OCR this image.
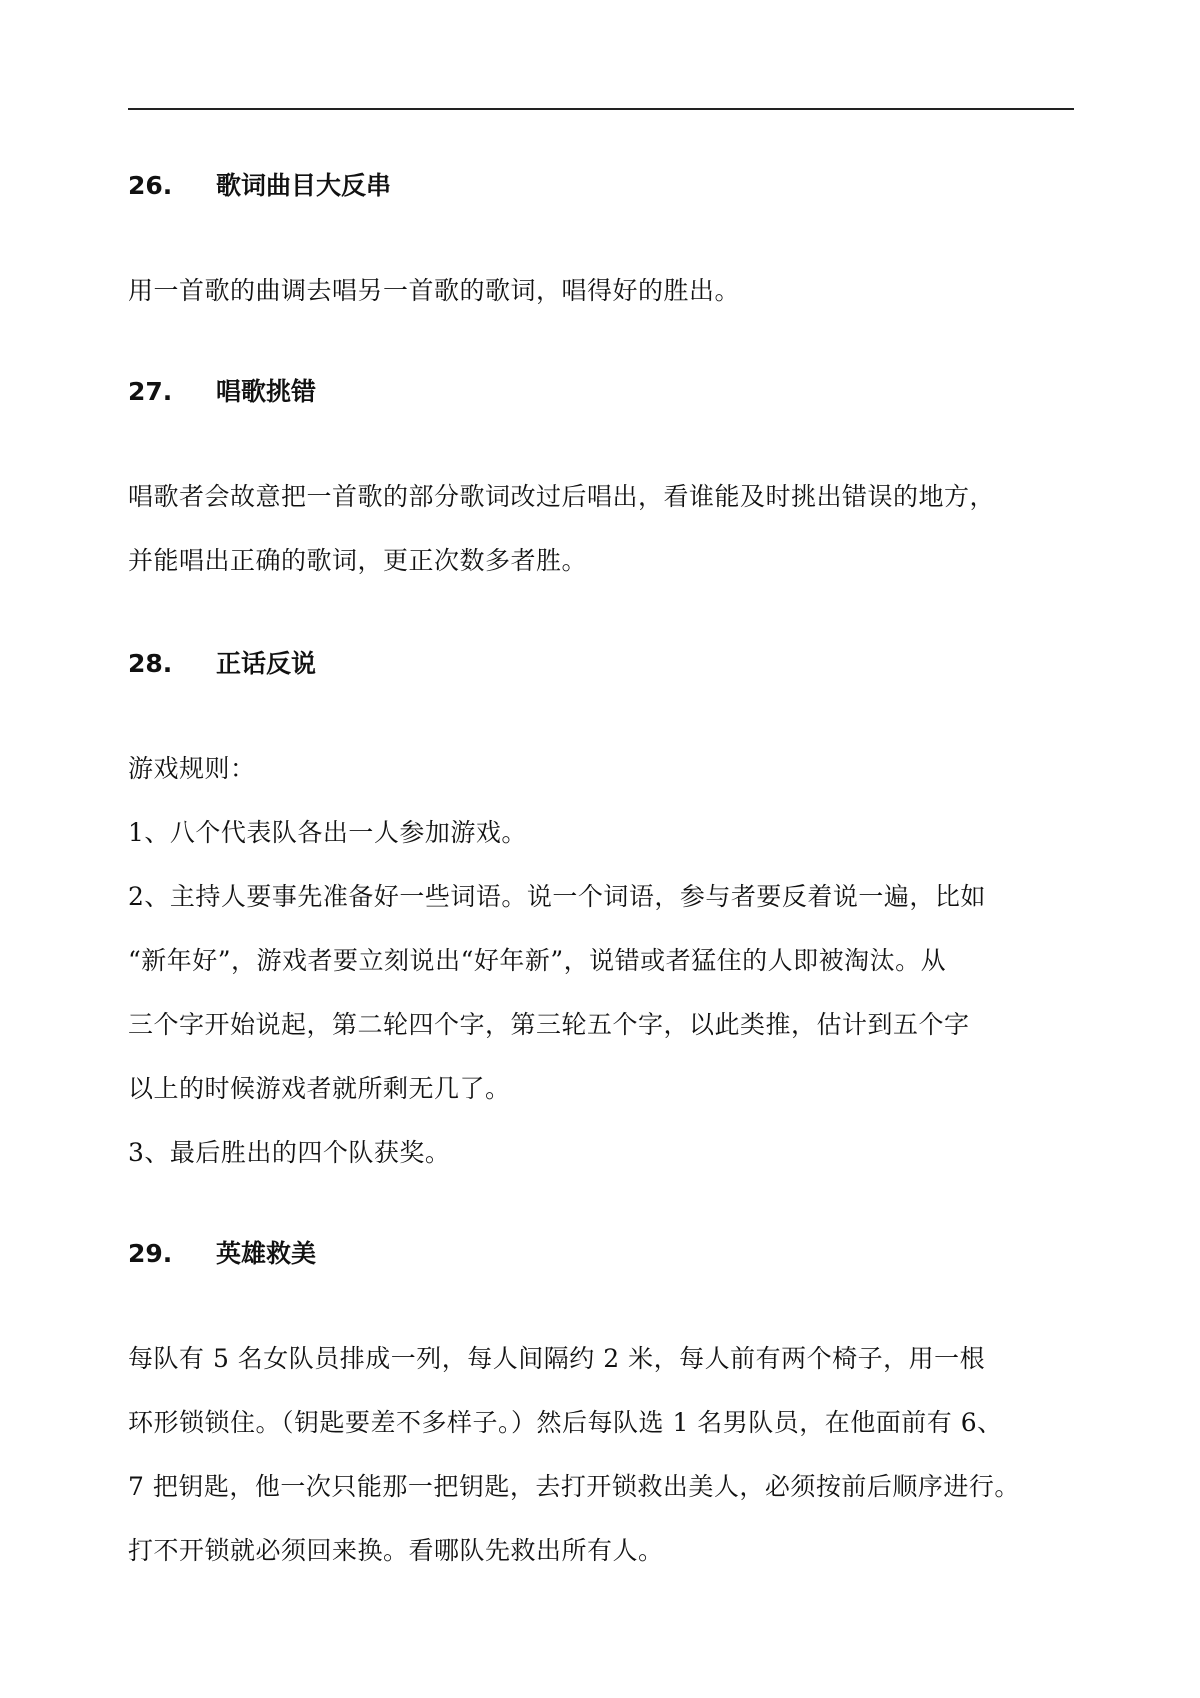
26. 歌词曲目大反串
用一首歌的曲调去唱另一首歌的歌词，唱得好的胜出。
27. 唱歌挑错
唱歌者会故意把一首歌的部分歌词改过后唱出，看谁能及时挑出错误的地方，
并能唱出正确的歌词，更正次数多者胜。
28. 正话反说
游戏规则：
1、八个代表队各出一人参加游戏。
2、主持人要事先准备好一些词语。说一个词语，参与者要反着说一遍，比如
“新年好”，游戏者要立刻说出“好年新”，说错或者猛住的人即被淘汰。从
三个字开始说起，第二轮四个字，第三轮五个字，以此类推，估计到五个字
以上的时候游戏者就所剩无几了。
3、最后胜出的四个队获奖。
29. 英雄救美
每队有 5 名女队员排成一列，每人间隔约 2 米，每人前有两个椅子，用一根
环形锁锁住。（钥匙要差不多样子。）然后每队选 1 名男队员，在他面前有 6、
7 把钥匙，他一次只能那一把钥匙，去打开锁救出美人，必须按前后顺序进行。
打不开锁就必须回来换。看哪队先救出所有人。
